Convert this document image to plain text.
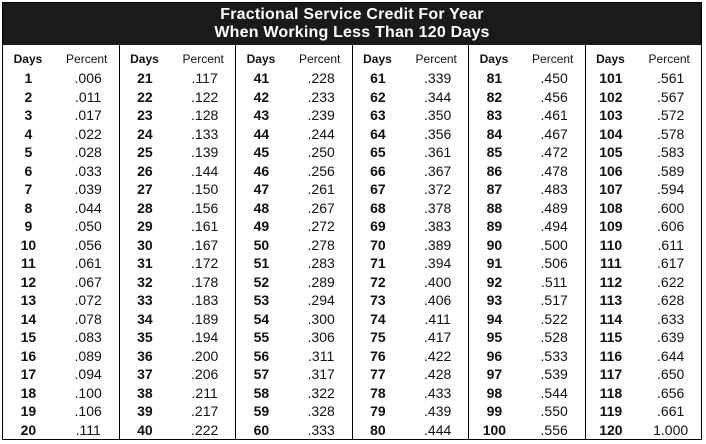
Fractional Service Credit For Year
When Working Less Than 120 Days
Days	Percent
1	.006
2	.011
3	.017
4	.022
5	.028
6	.033
7	.039
8	.044
9	.050
10	.056
11	.061
12	.067
13	.072
14	.078
15	.083
16	.089
17	.094
18	.100
19	.106
20	.111
Days	Percent
21	.117
22	.122
23	.128
24	.133
25	.139
26	.144
27	.150
28	.156
29	.161
30	.167
31	.172
32	.178
33	.183
34	.189
35	.194
36	.200
37	.206
38	.211
39	.217
40	.222
Days	Percent
41	.228
42	.233
43	.239
44	.244
45	.250
46	.256
47	.261
48	.267
49	.272
50	.278
51	.283
52	.289
53	.294
54	.300
55	.306
56	.311
57	.317
58	.322
59	.328
60	.333
Days	Percent
61	.339
62	.344
63	.350
64	.356
65	.361
66	.367
67	.372
68	.378
69	.383
70	.389
71	.394
72	.400
73	.406
74	.411
75	.417
76	.422
77	.428
78	.433
79	.439
80	.444
Days	Percent
81	.450
82	.456
83	.461
84	.467
85	.472
86	.478
87	.483
88	.489
89	.494
90	.500
91	.506
92	.511
93	.517
94	.522
95	.528
96	.533
97	.539
98	.544
99	.550
100	.556
Days	Percent
101	.561
102	.567
103	.572
104	.578
105	.583
106	.589
107	.594
108	.600
109	.606
110	.611
111	.617
112	.622
113	.628
114	.633
115	.639
116	.644
117	.650
118	.656
119	.661
120	1.000
